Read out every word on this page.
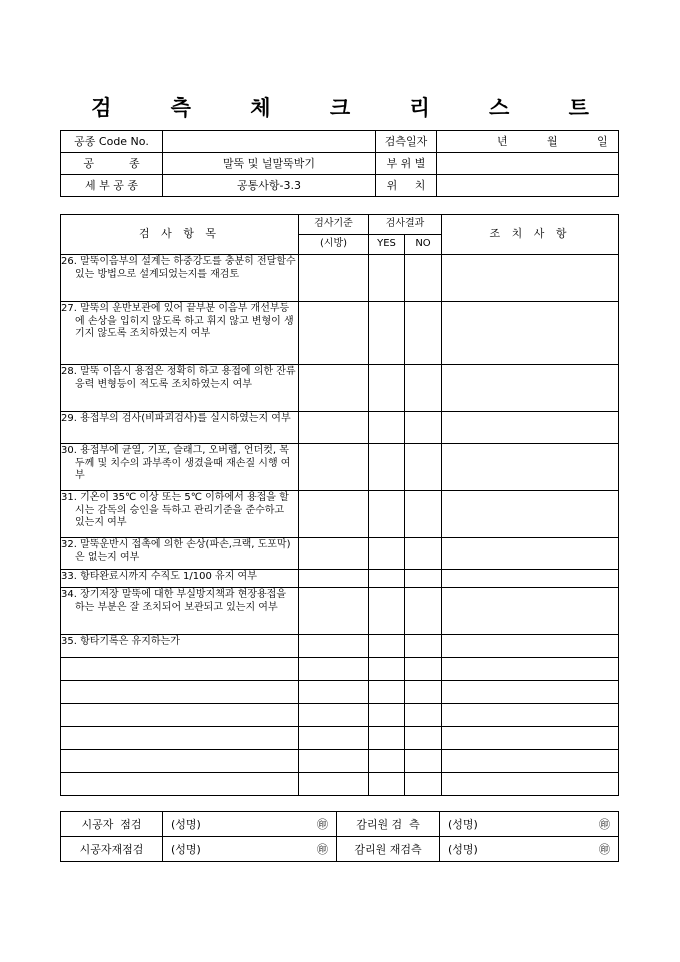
검 측 체 크 리 스 트
공종 Code No.		검측일자	년 월 일

공          종	말뚝 및 널말뚝박기	부 위 별	
세 부 공 종	공통사항-3.3	위     치	
검 사 항 목	검사기준	검사결과		조 치 사 항
	(시방)	YES	NO	
26. 말뚝이음부의 설계는 하중강도를 충분히 전달할수 있는 방법으로 설계되었는지를 재검토				
27. 말뚝의 운반보관에 있어 끝부분 이음부 개선부등에 손상을 입히지 않도록 하고 휘지 않고 변형이 생기지 않도록 조치하였는지 여부				
28. 말뚝 이음시 용접은 정확히 하고 용접에 의한 잔류응력 변형등이 적도록 조치하였는지 여부				
29. 용접부의 검사(비파괴검사)를 실시하였는지 여부				
30. 용접부에 균열, 기포, 슬래그, 오버랩, 언더컷, 목두께 및 치수의 과부족이 생겼을때 재손질 시행 여부				
31. 기온이 35℃ 이상 또는 5℃ 이하에서 용접을 할시는 감독의 승인을 득하고 관리기준을 준수하고 있는지 여부				
32. 말뚝운반시 접촉에 의한 손상(파손,크랙, 도포막)은 없는지 여부				
33. 항타완료시까지 수직도 1/100 유지 여부				
34. 장기저장 말뚝에 대한 부실방지책과 현장용접을 하는 부분은 잘 조치되어 보관되고 있는지 여부				
35. 항타기록은 유지하는가				

시공자  점검	(성명)	㊞	감리원 검  측	(성명)	㊞
시공자재점검	(성명)	㊞	감리원 재검측	(성명)	㊞
